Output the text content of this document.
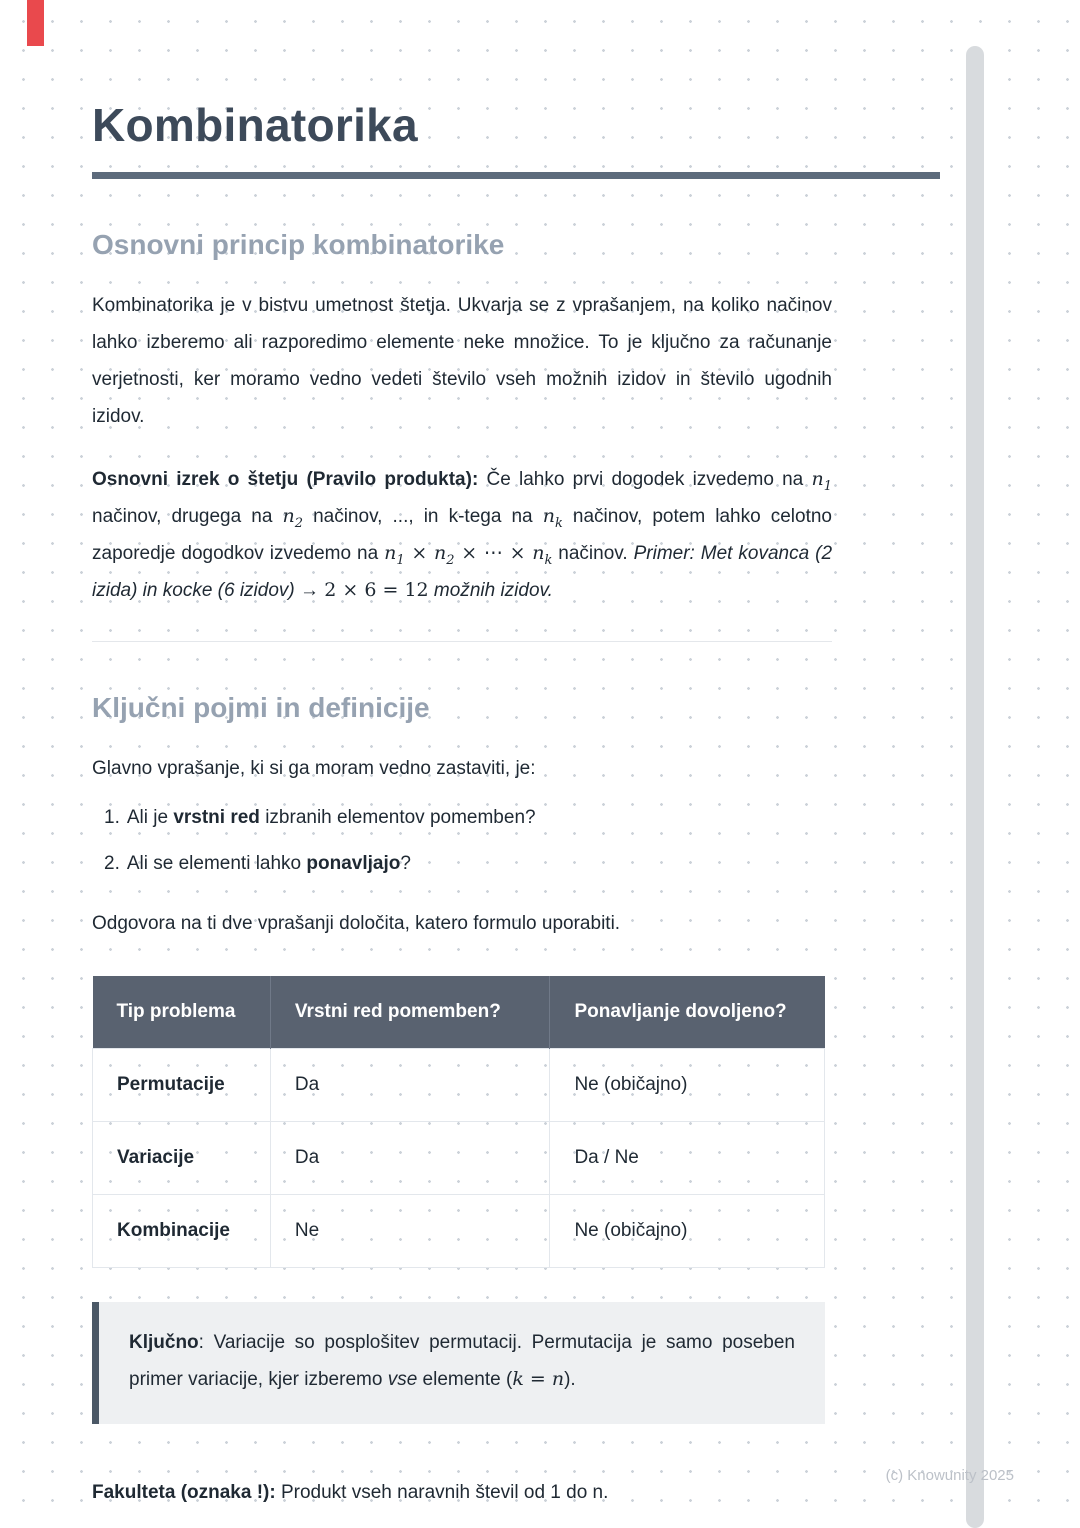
Kombinatorika
Osnovni princip kombinatorike

Kombinatorika je v bistvu umetnost štetja. Ukvarja se z vprašanjem, na koliko načinov lahko izberemo ali razporedimo elemente neke množice. To je ključno za računanje verjetnosti, ker moramo vedno vedeti število vseh možnih izidov in število ugodnih izidov.

Osnovni izrek o štetju (Pravilo produkta): Če lahko prvi dogodek izvedemo na $n_1$ načinov, drugega na $n_2$ načinov, ..., in k-tega na $n_k$ načinov, potem lahko celotno zaporedje dogodkov izvedemo na $n_1 \times n_2$ × ⋯ × $n_k$ načinov. Primer: Met kovanca (2 izida) in kocke (6 izidov) → 2 × 6 = 12 možnih izidov.

Ključni pojmi in definicije

Glavno vprašanje, ki si ga moram vedno zastaviti, je:

1. Ali je vrstni red izbranih elementov pomemben?
2. Ali se elementi lahko ponavljajo?

Odgovora na ti dve vprašanji določita, katero formulo uporabiti.

Tip problema	Vrstni red pomemben?	Ponavljanje dovoljeno?
Permutacije	Da	Ne (običajno)
Variacije	Da	Da / Ne
Kombinacije	Ne	Ne (običajno)
Ključno: Variacije so posplošitev permutacij. Permutacija je samo poseben primer variacije, kjer izberemo vse elemente (k = n).

Fakulteta (oznaka !): Produkt vseh naravnih števil od 1 do n.

(c) Knowunity 2025
